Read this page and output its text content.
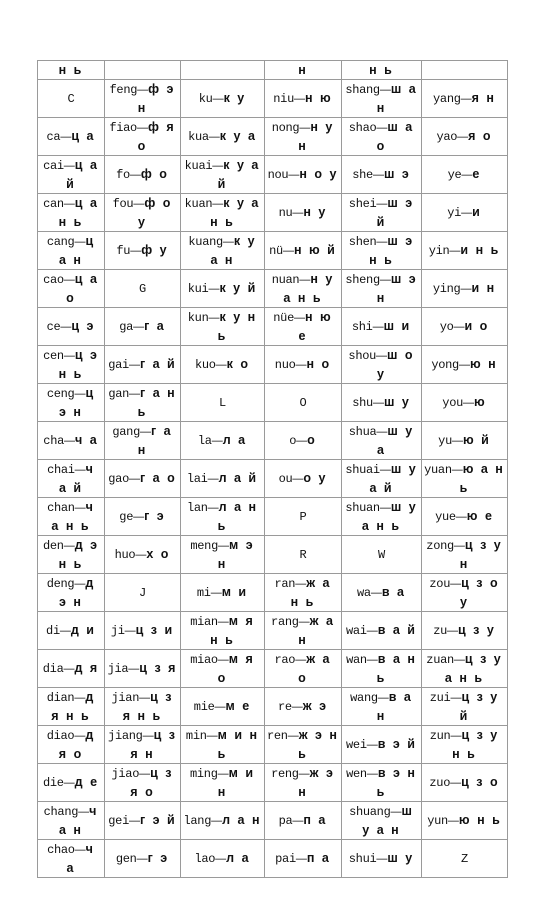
н ь			н	н ь	
C	feng—ф э н	ku—к у	niu—н ю	shang—ш а н	yang—я н
ca—ц а	fiao—ф я о	kua—к у а	nong—н у н	shao—ш а о	yao—я о
cai—ц а й	fo—ф о	kuai—к у а й	nou—н о у	she—ш э	ye—е
can—ц а н ь	fou—ф о у	kuan—к у а н ь	nu—н у	shei—ш э й	yi—и
cang—ц а н	fu—ф у	kuang—к у а н	nü—н ю й	shen—ш э н ь	yin—и н ь
cao—ц а о	G	kui—к у й	nuan—н у а н ь	sheng—ш э н	ying—и н
ce—ц э	ga—г а	kun—к у н ь	nüe—н ю е	shi—ш и	yo—и о
cen—ц э н ь	gai—г а й	kuo—к о	nuo—н о	shou—ш о у	yong—ю н
ceng—ц э н	gan—г а н ь	L	O	shu—ш у	you—ю
cha—ч а	gang—г а н	la—л а	o—о	shua—ш у а	yu—ю й
chai—ч а й	gao—г а о	lai—л а й	ou—о у	shuai—ш у а й	yuan—ю а н ь
chan—ч а н ь	ge—г э	lan—л а н ь	P	shuan—ш у а н ь	yue—ю е
den—д э н ь	huo—х о	meng—м э н	R	W	zong—ц з у н
deng—д э н	J	mi—м и	ran—ж а н ь	wa—в а	zou—ц з о у
di—д и	ji—ц з и	mian—м я н ь	rang—ж а н	wai—в а й	zu—ц з у
dia—д я	jia—ц з я	miao—м я о	rao—ж а о	wan—в а н ь	zuan—ц з у а н ь
dian—д я н ь	jian—ц з я н ь	mie—м е	re—ж э	wang—в а н	zui—ц з у й
diao—д я о	jiang—ц з я н	min—м и н ь	ren—ж э н ь	wei—в э й	zun—ц з у н ь
die—д е	jiao—ц з я о	ming—м и н	reng—ж э н	wen—в э н ь	zuo—ц з о
chang—ч а н	gei—г э й	lang—л а н	pa—п а	shuang—ш у а н	yun—ю н ь
chao—ч а	gen—г э	lao—л а	pai—п а	shui—ш у	Z
